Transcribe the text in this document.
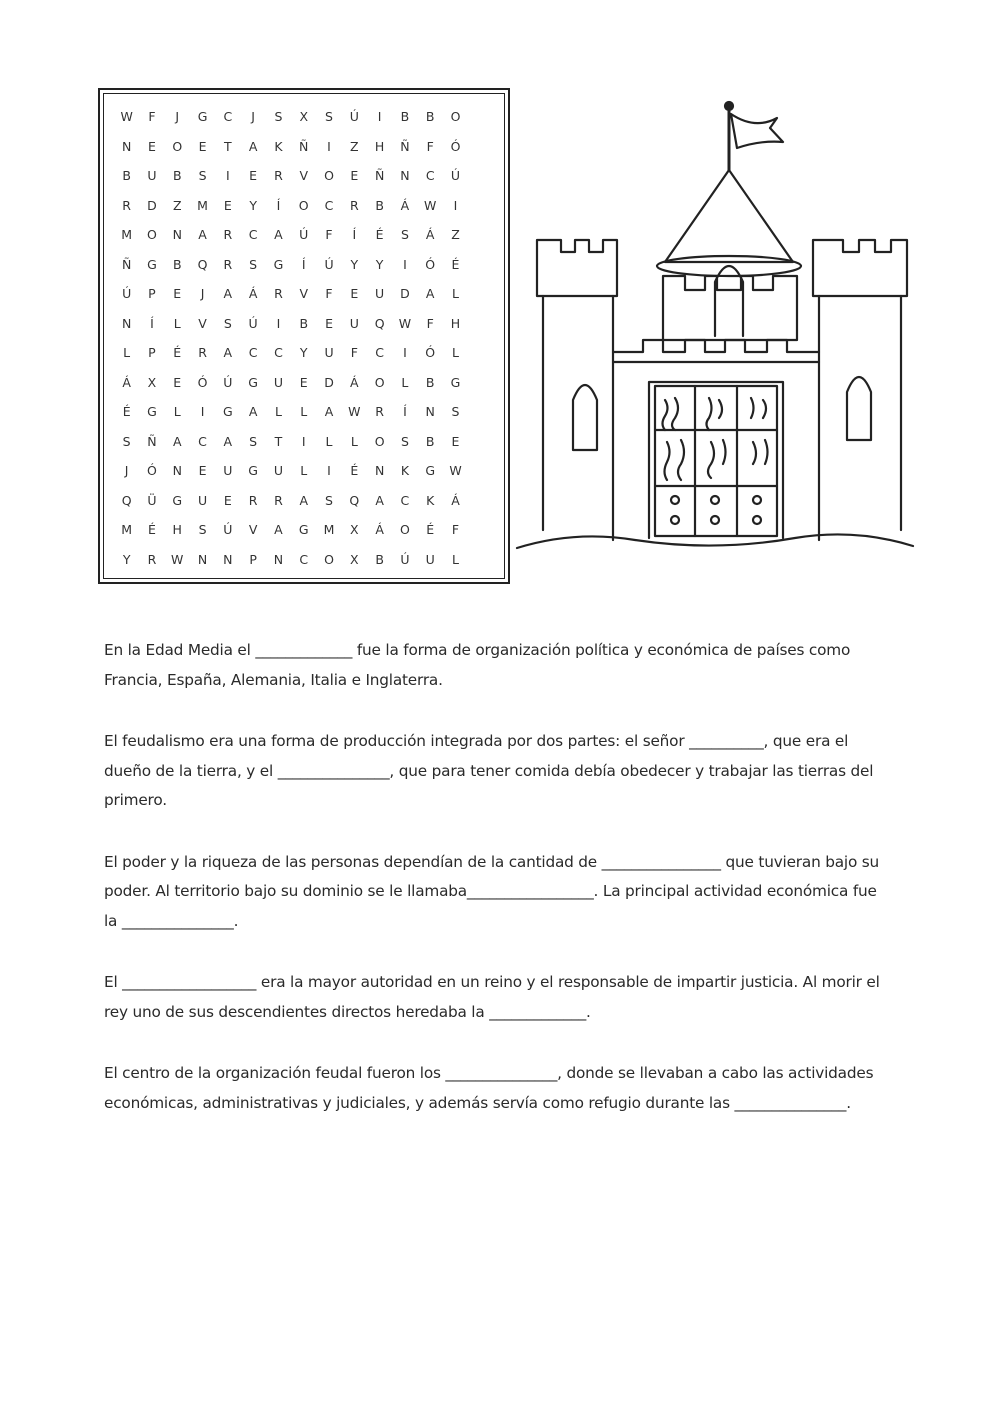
W	F	J	G	C	J	S	X	S	Ú	I	B	B	O
N	E	O	E	T	A	K	Ñ	I	Z	H	Ñ	F	Ó
B	U	B	S	I	E	R	V	O	E	Ñ	N	C	Ú
R	D	Z	M	E	Y	Í	O	C	R	B	Á	W	I
M	O	N	A	R	C	A	Ú	F	Í	É	S	Á	Z
Ñ	G	B	Q	R	S	G	Í	Ú	Y	Y	I	Ó	É
Ú	P	E	J	A	Á	R	V	F	E	U	D	A	L
N	Í	L	V	S	Ú	I	B	E	U	Q	W	F	H
L	P	É	R	A	C	C	Y	U	F	C	I	Ó	L
Á	X	E	Ó	Ú	G	U	E	D	Á	O	L	B	G
É	G	L	I	G	A	L	L	A	W	R	Í	N	S
S	Ñ	A	C	A	S	T	I	L	L	O	S	B	E
J	Ó	N	E	U	G	U	L	I	É	N	K	G	W
Q	Ü	G	U	E	R	R	A	S	Q	A	C	K	Á
M	É	H	S	Ú	V	A	G	M	X	Á	O	É	F
Y	R	W	N	N	P	N	C	O	X	B	Ú	U	L

En la Edad Media el _____________ fue la forma de organización política y económica de países como Francia, España, Alemania, Italia e Inglaterra.

El feudalismo era una forma de producción integrada por dos partes: el señor __________, que era el dueño de la tierra, y el _______________, que para tener comida debía obedecer y trabajar las tierras del primero.

El poder y la riqueza de las personas dependían de la cantidad de ________________ que tuvieran bajo su poder. Al territorio bajo su dominio se le llamaba_________________. La principal actividad económica fue la _______________.

El __________________ era la mayor autoridad en un reino y el responsable de impartir justicia. Al morir el rey uno de sus descendientes directos heredaba la _____________.

El centro de la organización feudal fueron los _______________, donde se llevaban a cabo las actividades económicas, administrativas y judiciales, y además servía como refugio durante las _______________.
